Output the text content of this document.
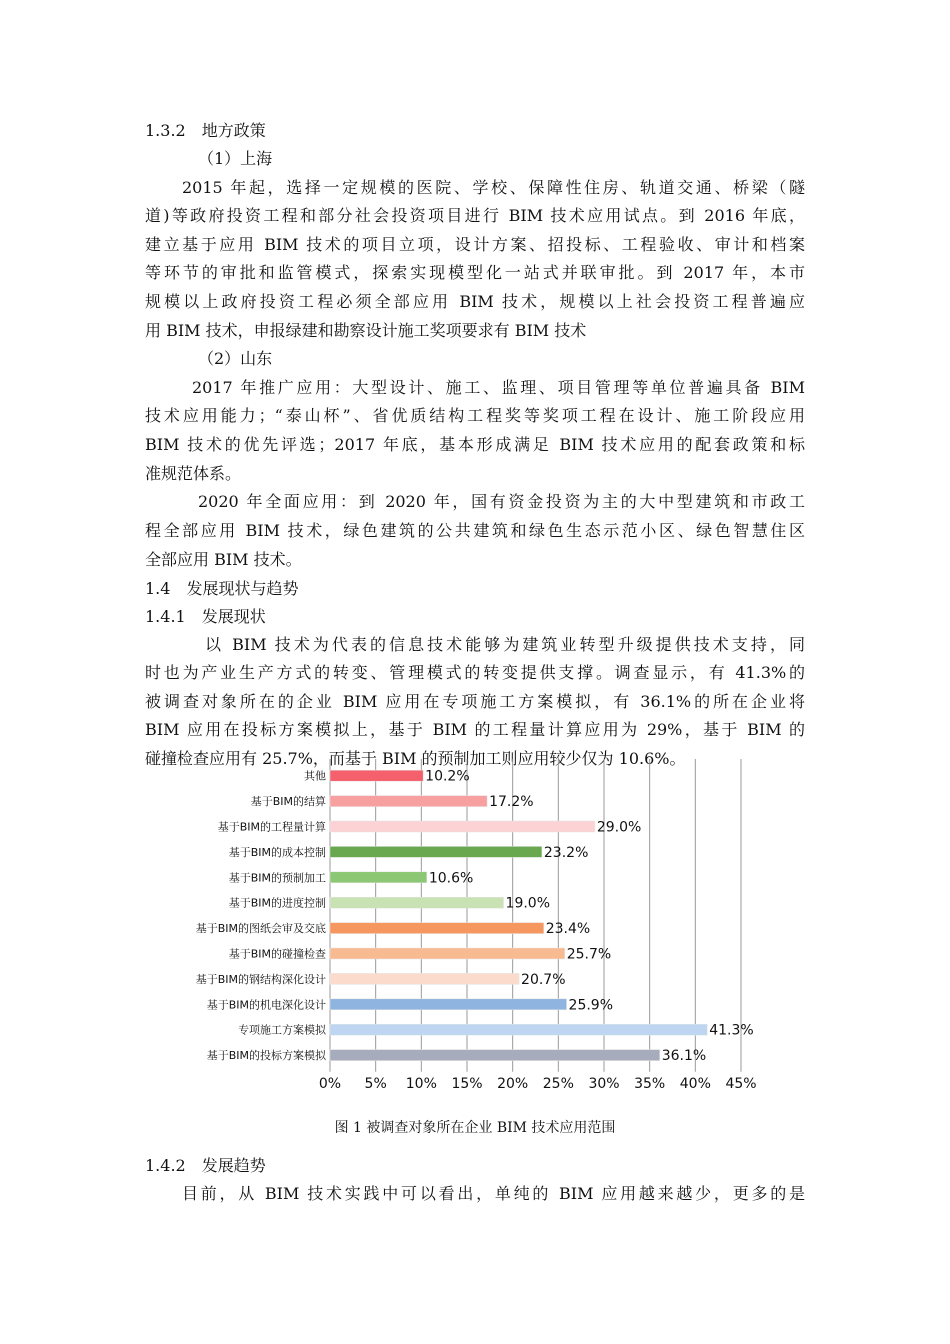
1.3.2　地方政策
（1）上海
2015 年起，选择一定规模的医院、学校、保障性住房、轨道交通、桥梁（隧
道)等政府投资工程和部分社会投资项目进行 BIM 技术应用试点。到 2016 年底，
建立基于应用 BIM 技术的项目立项，设计方案、招投标、工程验收、审计和档案
等环节的审批和监管模式，探索实现模型化一站式并联审批。到 2017 年，本市
规模以上政府投资工程必须全部应用 BIM 技术，规模以上社会投资工程普遍应
用 BIM 技术，申报绿建和勘察设计施工奖项要求有 BIM 技术
（2）山东
2017 年推广应用：大型设计、施工、监理、项目管理等单位普遍具备 BIM
技术应用能力；“泰山杯”、省优质结构工程奖等奖项工程在设计、施工阶段应用
BIM 技术的优先评选；2017 年底，基本形成满足 BIM 技术应用的配套政策和标
准规范体系。
2020 年全面应用：到 2020 年，国有资金投资为主的大中型建筑和市政工
程全部应用 BIM 技术，绿色建筑的公共建筑和绿色生态示范小区、绿色智慧住区
全部应用 BIM 技术。
1.4　发展现状与趋势
1.4.1　发展现状
以 BIM 技术为代表的信息技术能够为建筑业转型升级提供技术支持，同
时也为产业生产方式的转变、管理模式的转变提供支撑。调查显示，有 41.3%的
被调查对象所在的企业 BIM 应用在专项施工方案模拟，有 36.1%的所在企业将
BIM 应用在投标方案模拟上，基于 BIM 的工程量计算应用为 29%，基于 BIM 的
碰撞检查应用有 25.7%，而基于 BIM 的预制加工则应用较少仅为 10.6%。
0% 5% 10% 15% 20% 25% 30% 35% 40% 45%
其他	10.2%
基于BIM的结算	17.2%
基于BIM的工程量计算	29.0%
基于BIM的成本控制	23.2%
基于BIM的预制加工	10.6%
基于BIM的进度控制	19.0%
基于BIM的图纸会审及交底	23.4%
基于BIM的碰撞检查	25.7%
基于BIM的钢结构深化设计	20.7%
基于BIM的机电深化设计	25.9%
专项施工方案模拟	41.3%
基于BIM的投标方案模拟	36.1%
图 1 被调查对象所在企业 BIM 技术应用范围
1.4.2　发展趋势
目前，从 BIM 技术实践中可以看出，单纯的 BIM 应用越来越少，更多的是
